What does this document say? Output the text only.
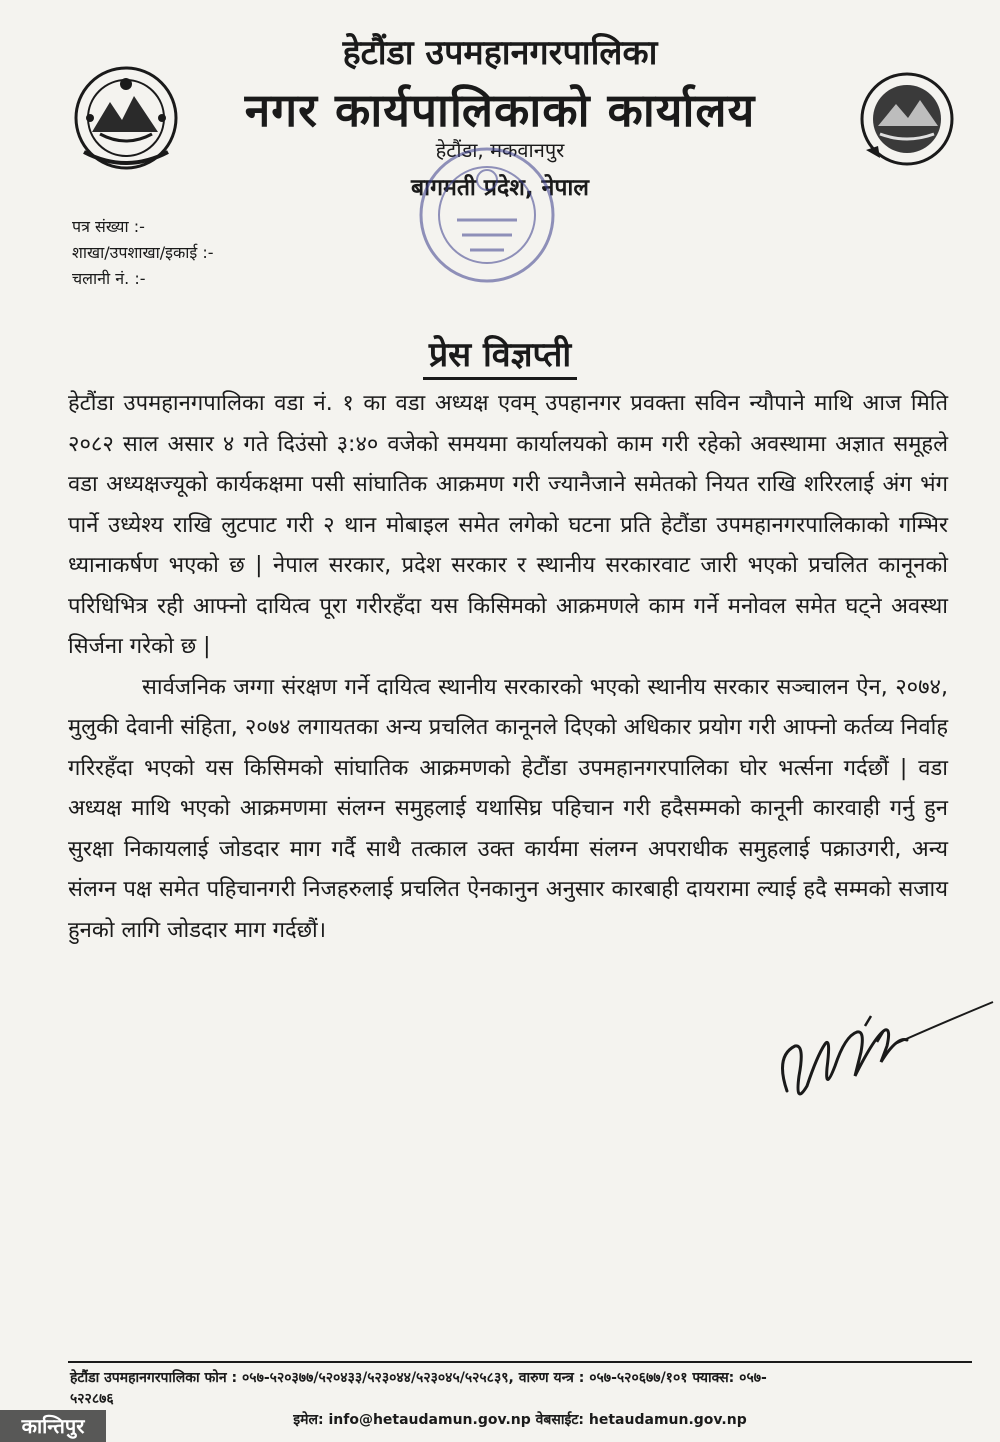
हेटौंडा उपमहानगरपालिका
नगर कार्यपालिकाको कार्यालय
हेटौंडा, मकवानपुर
बागमती प्रदेश, नेपाल
पत्र संख्या :-
शाखा/उपशाखा/इकाई :-
चलानी नं. :-
प्रेस विज्ञप्ती

हेटौंडा उपमहानगपालिका वडा नं. १ का वडा अध्यक्ष एवम् उपहानगर प्रवक्ता सविन न्यौपाने माथि आज मिति २०८२ साल असार ४ गते दिउंसो ३:४० वजेको समयमा कार्यालयको काम गरी रहेको अवस्थामा अज्ञात समूहले वडा अध्यक्षज्यूको कार्यकक्षमा पसी सांघातिक आक्रमण गरी ज्यानैजाने समेतको नियत राखि शरिरलाई अंग भंग पार्ने उध्येश्य राखि लुटपाट गरी २ थान मोबाइल समेत लगेको घटना प्रति हेटौंडा उपमहानगरपालिकाको गम्भिर ध्यानाकर्षण भएको छ | नेपाल सरकार, प्रदेश सरकार र स्थानीय सरकारवाट जारी भएको प्रचलित कानूनको परिधिभित्र रही आफ्नो दायित्व पूरा गरीरहँदा यस किसिमको आक्रमणले काम गर्ने मनोवल समेत घट्ने अवस्था सिर्जना गरेको छ |

सार्वजनिक जग्गा संरक्षण गर्ने दायित्व स्थानीय सरकारको भएको स्थानीय सरकार सञ्चालन ऐन, २०७४, मुलुकी देवानी संहिता, २०७४ लगायतका अन्य प्रचलित कानूनले दिएको अधिकार प्रयोग गरी आफ्नो कर्तव्य निर्वाह गरिरहँदा भएको यस किसिमको सांघातिक आक्रमणको हेटौंडा उपमहानगरपालिका घोर भर्त्सना गर्दछौं | वडा अध्यक्ष माथि भएको आक्रमणमा संलग्न समुहलाई यथासिघ्र पहिचान गरी हदैसम्मको कानूनी कारवाही गर्नु हुन सुरक्षा निकायलाई जोडदार माग गर्दै साथै तत्काल उक्त कार्यमा संलग्न अपराधीक समुहलाई पक्राउगरी, अन्य संलग्न पक्ष समेत पहिचानगरी निजहरुलाई प्रचलित ऐनकानुन अनुसार कारबाही दायरामा ल्याई हदै सम्मको सजाय हुनको लागि जोडदार माग गर्दछौं।

हेटौंडा उपमहानगरपालिका फोन : ०५७-५२०३७७/५२०४३३/५२३०४४/५२३०४५/५२५८३९, वारुण यन्त्र : ०५७-५२०६७७/१०१ फ्याक्स: ०५७-
५२२८७६
इमेल: info@hetaudamun.gov.np वेबसाईट: hetaudamun.gov.np
कान्तिपुर
